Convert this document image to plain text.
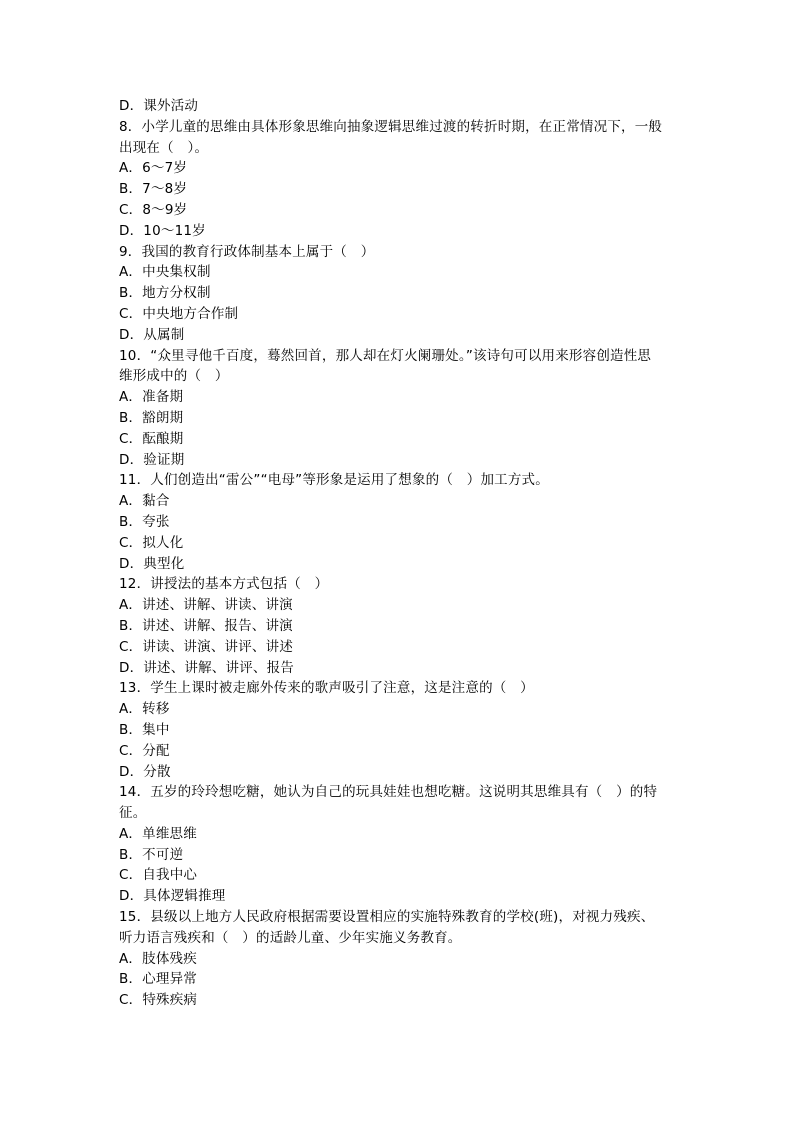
D．课外活动
8．小学儿童的思维由具体形象思维向抽象逻辑思维过渡的转折时期，在正常情况下，一般
出现在（　）。
A．6～7岁
B．7～8岁
C．8～9岁
D．10～11岁
9．我国的教育行政体制基本上属于（　）
A．中央集权制
B．地方分权制
C．中央地方合作制
D．从属制
10．“众里寻他千百度，蓦然回首，那人却在灯火阑珊处。”该诗句可以用来形容创造性思
维形成中的（　）
A．准备期
B．豁朗期
C．酝酿期
D．验证期
11．人们创造出“雷公”“电母”等形象是运用了想象的（　）加工方式。
A．黏合
B．夸张
C．拟人化
D．典型化
12．讲授法的基本方式包括（　）
A．讲述、讲解、讲读、讲演
B．讲述、讲解、报告、讲演
C．讲读、讲演、讲评、讲述
D．讲述、讲解、讲评、报告
13．学生上课时被走廊外传来的歌声吸引了注意，这是注意的（　）
A．转移
B．集中
C．分配
D．分散
14．五岁的玲玲想吃糖，她认为自己的玩具娃娃也想吃糖。这说明其思维具有（　）的特
征。
A．单维思维
B．不可逆
C．自我中心
D．具体逻辑推理
15．县级以上地方人民政府根据需要设置相应的实施特殊教育的学校(班)，对视力残疾、
听力语言残疾和（　）的适龄儿童、少年实施义务教育。
A．肢体残疾
B．心理异常
C．特殊疾病
